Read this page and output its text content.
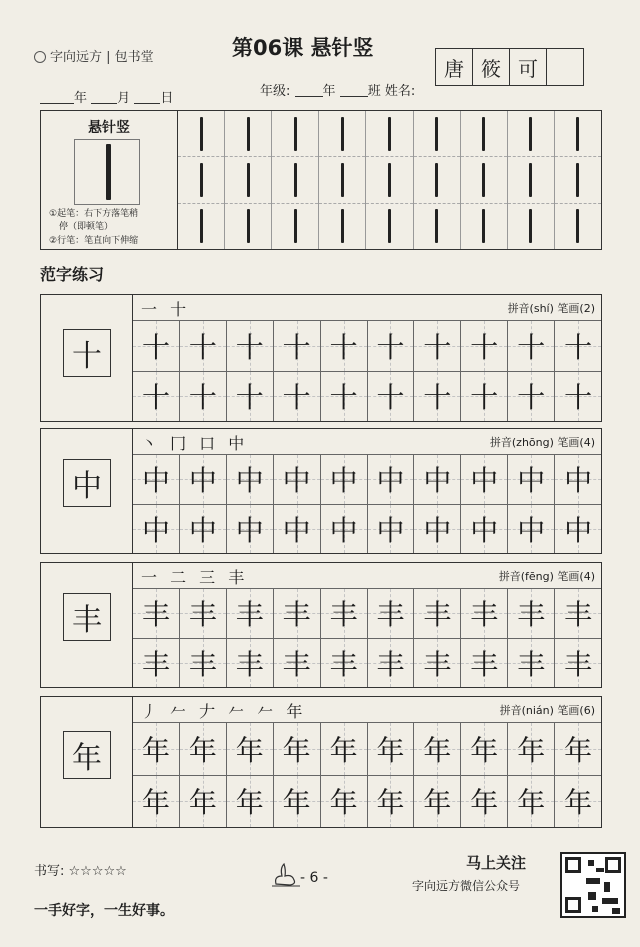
字向远方 | 包书堂	第06课 悬针竖
年 月 日	年级: 年 班 姓名:
唐 筱 可
悬针竖
①起笔：右下方落笔稍
停（即顿笔）
②行笔：笔直向下伸缩
范字练习
十
一 十	拼音(shí) 笔画(2)
十 十 十 十 十 十 十 十 十 十
十 十 十 十 十 十 十 十 十 十
中
丶 冂 口 中	拼音(zhōng) 笔画(4)
中 中 中 中 中 中 中 中 中 中
中 中 中 中 中 中 中 中 中 中
丰
一 二 三 丰	拼音(fēng) 笔画(4)
丰 丰 丰 丰 丰 丰 丰 丰 丰 丰
丰 丰 丰 丰 丰 丰 丰 丰 丰 丰
年
丿 𠂉 𠂇 𠂉 𠂉 年	拼音(nián) 笔画(6)
年 年 年 年 年 年 年 年 年 年
年 年 年 年 年 年 年 年 年 年
书写: ☆☆☆☆☆
一手好字，一生好事。
- 6 -
马上关注
字向远方微信公众号
